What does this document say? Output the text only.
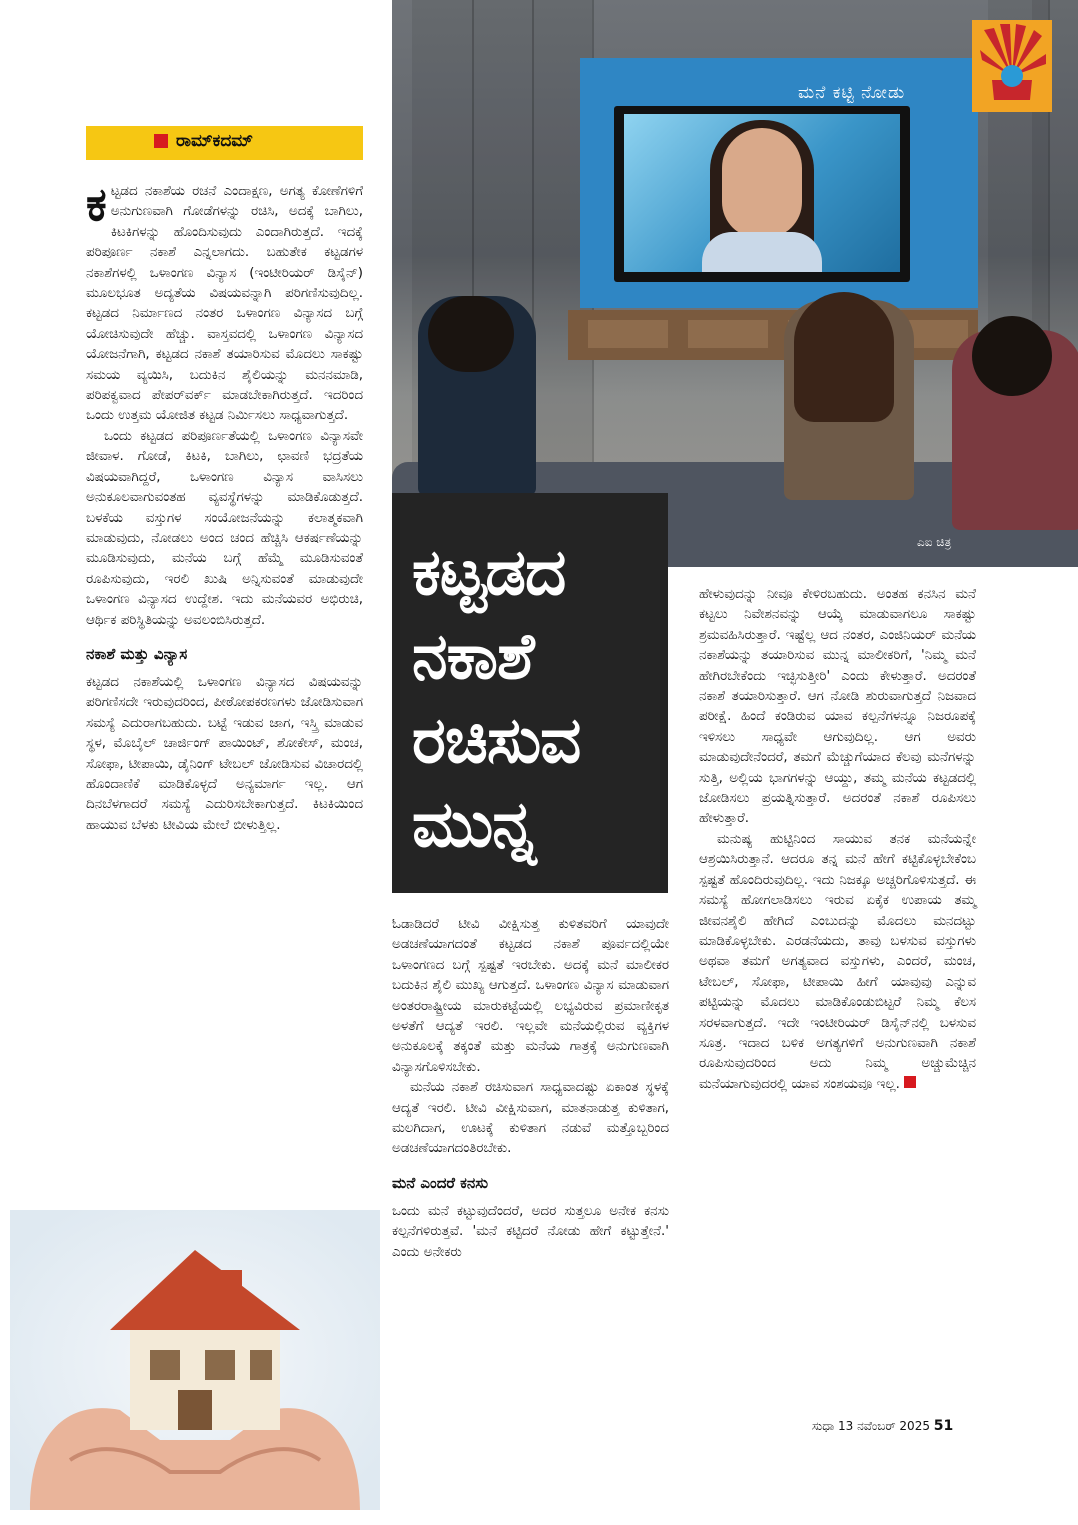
ಮನೆ ಕಟ್ಟಿ ನೋಡು
ಎಐ ಚಿತ್ರ
ರಾಮ್‌ಕದಮ್

ಕಟ್ಟಡದ ನಕಾಶೆಯ ರಚನೆ ಎಂದಾಕ್ಷಣ, ಅಗತ್ಯ ಕೋಣೆಗಳಿಗೆ ಅನುಗುಣವಾಗಿ ಗೋಡೆಗಳನ್ನು ರಚಿಸಿ, ಅದಕ್ಕೆ ಬಾಗಿಲು, ಕಿಟಕಿಗಳನ್ನು ಹೊಂದಿಸುವುದು ಎಂದಾಗಿರುತ್ತದೆ. ಇದಕ್ಕೆ ಪರಿಪೂರ್ಣ ನಕಾಶೆ ಎನ್ನಲಾಗದು. ಬಹುತೇಕ ಕಟ್ಟಡಗಳ ನಕಾಶೆಗಳಲ್ಲಿ ಒಳಾಂಗಣ ವಿನ್ಯಾಸ (ಇಂಟೀರಿಯರ್ ಡಿಸೈನ್) ಮೂಲಭೂತ ಅದ್ಯತೆಯ ವಿಷಯವನ್ನಾಗಿ ಪರಿಗಣಿಸುವುದಿಲ್ಲ. ಕಟ್ಟಡದ ನಿರ್ಮಾಣದ ನಂತರ ಒಳಾಂಗಣ ವಿನ್ಯಾಸದ ಬಗ್ಗೆ ಯೋಚಿಸುವುದೇ ಹೆಚ್ಚು. ವಾಸ್ತವದಲ್ಲಿ ಒಳಾಂಗಣ ವಿನ್ಯಾಸದ ಯೋಜನೆಗಾಗಿ, ಕಟ್ಟಡದ ನಕಾಶೆ ತಯಾರಿಸುವ ಮೊದಲು ಸಾಕಷ್ಟು ಸಮಯ ವ್ಯಯಿಸಿ, ಬದುಕಿನ ಶೈಲಿಯನ್ನು ಮನನಮಾಡಿ, ಪರಿಪಕ್ವವಾದ ಪೇಪರ್‌ವರ್ಕ್ ಮಾಡಬೇಕಾಗಿರುತ್ತದೆ. ಇದರಿಂದ ಒಂದು ಉತ್ತಮ ಯೋಜಿತ ಕಟ್ಟಡ ನಿರ್ಮಿಸಲು ಸಾಧ್ಯವಾಗುತ್ತದೆ.

ಒಂದು ಕಟ್ಟಡದ ಪರಿಪೂರ್ಣತೆಯಲ್ಲಿ ಒಳಾಂಗಣ ವಿನ್ಯಾಸವೇ ಜೀವಾಳ. ಗೋಡೆ, ಕಿಟಕಿ, ಬಾಗಿಲು, ಛಾವಣಿ ಭದ್ರತೆಯ ವಿಷಯವಾಗಿದ್ದರೆ, ಒಳಾಂಗಣ ವಿನ್ಯಾಸ ವಾಸಿಸಲು ಅನುಕೂಲವಾಗುವಂತಹ ವ್ಯವಸ್ಥೆಗಳನ್ನು ಮಾಡಿಕೊಡುತ್ತದೆ. ಬಳಕೆಯ ವಸ್ತುಗಳ ಸಂಯೋಜನೆಯನ್ನು ಕಲಾತ್ಮಕವಾಗಿ ಮಾಡುವುದು, ನೋಡಲು ಅಂದ ಚಂದ ಹೆಚ್ಚಿಸಿ ಆಕರ್ಷಣೆಯನ್ನು ಮೂಡಿಸುವುದು, ಮನೆಯ ಬಗ್ಗೆ ಹೆಮ್ಮೆ ಮೂಡಿಸುವಂತೆ ರೂಪಿಸುವುದು, ಇರಲಿ ಖುಷಿ ಅನ್ನಿಸುವಂತೆ ಮಾಡುವುದೇ ಒಳಾಂಗಣ ವಿನ್ಯಾಸದ ಉದ್ದೇಶ. ಇದು ಮನೆಯವರ ಅಭಿರುಚಿ, ಆರ್ಥಿಕ ಪರಿಸ್ಥಿತಿಯನ್ನು ಅವಲಂಬಿಸಿರುತ್ತದೆ.

ನಕಾಶೆ ಮತ್ತು ವಿನ್ಯಾಸ

ಕಟ್ಟಡದ ನಕಾಶೆಯಲ್ಲಿ ಒಳಾಂಗಣ ವಿನ್ಯಾಸದ ವಿಷಯವನ್ನು ಪರಿಗಣಿಸದೇ ಇರುವುದರಿಂದ, ಪೀಠೋಪಕರಣಗಳು ಜೋಡಿಸುವಾಗ ಸಮಸ್ಯೆ ಎದುರಾಗಬಹುದು. ಬಟ್ಟೆ ಇಡುವ ಜಾಗ, ಇಸ್ತ್ರಿ ಮಾಡುವ ಸ್ಥಳ, ಮೊಬೈಲ್ ಚಾರ್ಜಿಂಗ್ ಪಾಯಿಂಟ್, ಶೋಕೇಸ್, ಮಂಚ, ಸೋಫಾ, ಟೀಪಾಯಿ, ಡೈನಿಂಗ್ ಟೇಬಲ್ ಜೋಡಿಸುವ ವಿಚಾರದಲ್ಲಿ ಹೊಂದಾಣಿಕೆ ಮಾಡಿಕೊಳ್ಳದೆ ಅನ್ಯಮಾರ್ಗ ಇಲ್ಲ. ಆಗ ದಿನಬೆಳಗಾದರೆ ಸಮಸ್ಯೆ ಎದುರಿಸಬೇಕಾಗುತ್ತದೆ. ಕಿಟಕಿಯಿಂದ ಹಾಯುವ ಬೆಳಕು ಟೀವಿಯ ಮೇಲೆ ಬೀಳುತ್ತಿಲ್ಲ.

ಕಟ್ಟಡದ
ನಕಾಶೆ
ರಚಿಸುವ
ಮುನ್ನ

ಓಡಾಡಿದರೆ ಟೀವಿ ವೀಕ್ಷಿಸುತ್ತ ಕುಳಿತವರಿಗೆ ಯಾವುದೇ ಅಡಚಣೆಯಾಗದಂತೆ ಕಟ್ಟಡದ ನಕಾಶೆ ಪೂರ್ವದಲ್ಲಿಯೇ ಒಳಾಂಗಣದ ಬಗ್ಗೆ ಸ್ಪಷ್ಟತೆ ಇರಬೇಕು. ಅದಕ್ಕೆ ಮನೆ ಮಾಲೀಕರ ಬದುಕಿನ ಶೈಲಿ ಮುಖ್ಯ ಆಗುತ್ತದೆ. ಒಳಾಂಗಣ ವಿನ್ಯಾಸ ಮಾಡುವಾಗ ಅಂತರರಾಷ್ಟ್ರೀಯ ಮಾರುಕಟ್ಟೆಯಲ್ಲಿ ಲಭ್ಯವಿರುವ ಪ್ರಮಾಣೀಕೃತ ಅಳತೆಗೆ ಆದ್ಯತೆ ಇರಲಿ. ಇಲ್ಲವೇ ಮನೆಯಲ್ಲಿರುವ ವ್ಯಕ್ತಿಗಳ ಅನುಕೂಲಕ್ಕೆ ತಕ್ಕಂತೆ ಮತ್ತು ಮನೆಯ ಗಾತ್ರಕ್ಕೆ ಅನುಗುಣವಾಗಿ ವಿನ್ಯಾಸಗೊಳಿಸಬೇಕು.

ಮನೆಯ ನಕಾಶೆ ರಚಿಸುವಾಗ ಸಾಧ್ಯವಾದಷ್ಟು ಏಕಾಂತ ಸ್ಥಳಕ್ಕೆ ಆದ್ಯತೆ ಇರಲಿ. ಟೀವಿ ವೀಕ್ಷಿಸುವಾಗ, ಮಾತನಾಡುತ್ತ ಕುಳಿತಾಗ, ಮಲಗಿದಾಗ, ಊಟಕ್ಕೆ ಕುಳಿತಾಗ ನಡುವೆ ಮತ್ತೊಬ್ಬರಿಂದ ಅಡಚಣೆಯಾಗದಂತಿರಬೇಕು.

ಮನೆ ಎಂದರೆ ಕನಸು

ಒಂದು ಮನೆ ಕಟ್ಟುವುದೆಂದರೆ, ಅದರ ಸುತ್ತಲೂ ಅನೇಕ ಕನಸು ಕಲ್ಪನೆಗಳಿರುತ್ತವೆ. 'ಮನೆ ಕಟ್ಟಿದರೆ ನೋಡು ಹೇಗೆ ಕಟ್ಟುತ್ತೇನೆ.' ಎಂದು ಅನೇಕರು

ಹೇಳುವುದನ್ನು ನೀವೂ ಕೇಳಿರಬಹುದು. ಅಂತಹ ಕನಸಿನ ಮನೆ ಕಟ್ಟಲು ನಿವೇಶನವನ್ನು ಆಯ್ಕೆ ಮಾಡುವಾಗಲೂ ಸಾಕಷ್ಟು ಶ್ರಮವಹಿಸಿರುತ್ತಾರೆ. ಇಷ್ಟೆಲ್ಲ ಆದ ನಂತರ, ಎಂಜಿನಿಯರ್ ಮನೆಯ ನಕಾಶೆಯನ್ನು ತಯಾರಿಸುವ ಮುನ್ನ ಮಾಲೀಕರಿಗೆ, 'ನಿಮ್ಮ ಮನೆ ಹೇಗಿರಬೇಕೆಂದು ಇಚ್ಛಿಸುತ್ತೀರಿ' ಎಂದು ಕೇಳುತ್ತಾರೆ. ಅದರಂತೆ ನಕಾಶೆ ತಯಾರಿಸುತ್ತಾರೆ. ಆಗ ನೋಡಿ ಶುರುವಾಗುತ್ತದೆ ನಿಜವಾದ ಪರೀಕ್ಷೆ. ಹಿಂದೆ ಕಂಡಿರುವ ಯಾವ ಕಲ್ಪನೆಗಳನ್ನೂ ನಿಜರೂಪಕ್ಕೆ ಇಳಿಸಲು ಸಾಧ್ಯವೇ ಆಗುವುದಿಲ್ಲ. ಆಗ ಅವರು ಮಾಡುವುದೇನೆಂದರೆ, ತಮಗೆ ಮೆಚ್ಚುಗೆಯಾದ ಕೆಲವು ಮನೆಗಳನ್ನು ಸುತ್ತಿ, ಅಲ್ಲಿಯ ಭಾಗಗಳನ್ನು ಆಯ್ದು, ತಮ್ಮ ಮನೆಯ ಕಟ್ಟಡದಲ್ಲಿ ಜೋಡಿಸಲು ಪ್ರಯತ್ನಿಸುತ್ತಾರೆ. ಅದರಂತೆ ನಕಾಶೆ ರೂಪಿಸಲು ಹೇಳುತ್ತಾರೆ.

ಮನುಷ್ಯ ಹುಟ್ಟಿನಿಂದ ಸಾಯುವ ತನಕ ಮನೆಯನ್ನೇ ಆಶ್ರಯಿಸಿರುತ್ತಾನೆ. ಆದರೂ ತನ್ನ ಮನೆ ಹೇಗೆ ಕಟ್ಟಿಕೊಳ್ಳಬೇಕೆಂಬ ಸ್ಪಷ್ಟತೆ ಹೊಂದಿರುವುದಿಲ್ಲ. ಇದು ನಿಜಕ್ಕೂ ಅಚ್ಚರಿಗೊಳಿಸುತ್ತದೆ. ಈ ಸಮಸ್ಯೆ ಹೋಗಲಾಡಿಸಲು ಇರುವ ಏಕೈಕ ಉಪಾಯ ತಮ್ಮ ಜೀವನಶೈಲಿ ಹೇಗಿದೆ ಎಂಬುದನ್ನು ಮೊದಲು ಮನದಟ್ಟು ಮಾಡಿಕೊಳ್ಳಬೇಕು. ಎರಡನೆಯದು, ತಾವು ಬಳಸುವ ವಸ್ತುಗಳು ಅಥವಾ ತಮಗೆ ಅಗತ್ಯವಾದ ವಸ್ತುಗಳು, ಎಂದರೆ, ಮಂಚ, ಟೇಬಲ್, ಸೋಫಾ, ಟೀಪಾಯಿ ಹೀಗೆ ಯಾವುವು ಎನ್ನುವ ಪಟ್ಟಿಯನ್ನು ಮೊದಲು ಮಾಡಿಕೊಂಡುಬಿಟ್ಟರೆ ನಿಮ್ಮ ಕೆಲಸ ಸರಳವಾಗುತ್ತದೆ. ಇದೇ ಇಂಟೀರಿಯರ್ ಡಿಸೈನ್‌ನಲ್ಲಿ ಬಳಸುವ ಸೂತ್ರ. ಇದಾದ ಬಳಿಕ ಅಗತ್ಯಗಳಿಗೆ ಅನುಗುಣವಾಗಿ ನಕಾಶೆ ರೂಪಿಸುವುದರಿಂದ ಅದು ನಿಮ್ಮ ಅಚ್ಚುಮೆಚ್ಚಿನ ಮನೆಯಾಗುವುದರಲ್ಲಿ ಯಾವ ಸಂಶಯವೂ ಇಲ್ಲ.

ಸುಧಾ 13 ನವೆಂಬರ್ 2025 51
